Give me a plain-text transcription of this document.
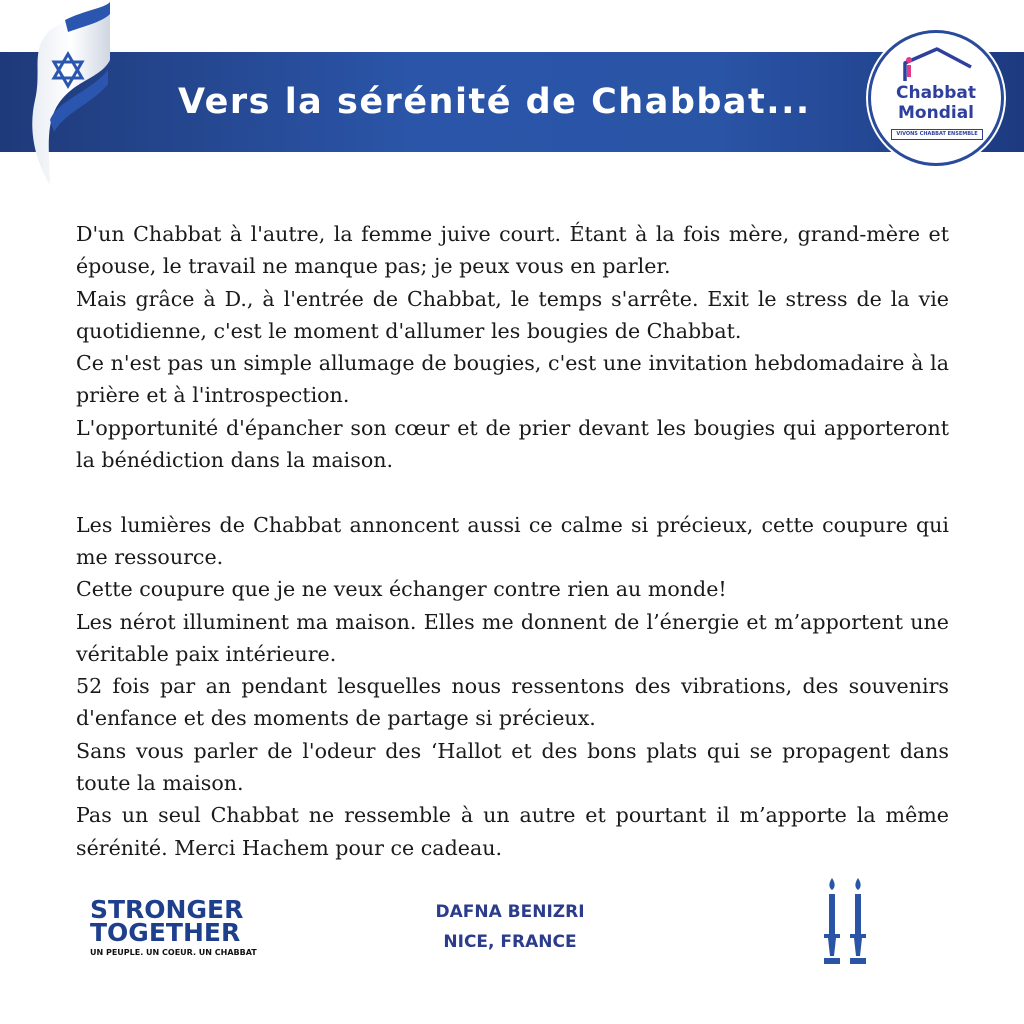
Vers la sérénité de Chabbat...	Chabbat
Mondial
VIVONS CHABBAT ENSEMBLE

D'un Chabbat à l'autre, la femme juive court. Étant à la fois mère, grand-mère et épouse, le travail ne manque pas; je peux vous en parler.

Mais grâce à D., à l'entrée de Chabbat, le temps s'arrête. Exit le stress de la vie quotidienne, c'est le moment d'allumer les bougies de Chabbat.

Ce n'est pas un simple allumage de bougies, c'est une invitation hebdomadaire à la prière et à l'introspection.

L'opportunité d'épancher son cœur et de prier devant les bougies qui apporteront la bénédiction dans la maison.

Les lumières de Chabbat annoncent aussi ce calme si précieux, cette coupure qui me ressource.

Cette coupure que je ne veux échanger contre rien au monde!

Les nérot illuminent ma maison. Elles me donnent de l’énergie et m’apportent une véritable paix intérieure.

52 fois par an pendant lesquelles nous ressentons des vibrations, des souvenirs d'enfance et des moments de partage si précieux.

Sans vous parler de l'odeur des ‘Hallot et des bons plats qui se propagent dans toute la maison.

Pas un seul Chabbat ne ressemble à un autre et pourtant il m’apporte la même sérénité. Merci Hachem pour ce cadeau.

STRONGER
TOGETHER
UN PEUPLE. UN COEUR. UN CHABBAT
DAFNA BENIZRI
NICE, FRANCE
